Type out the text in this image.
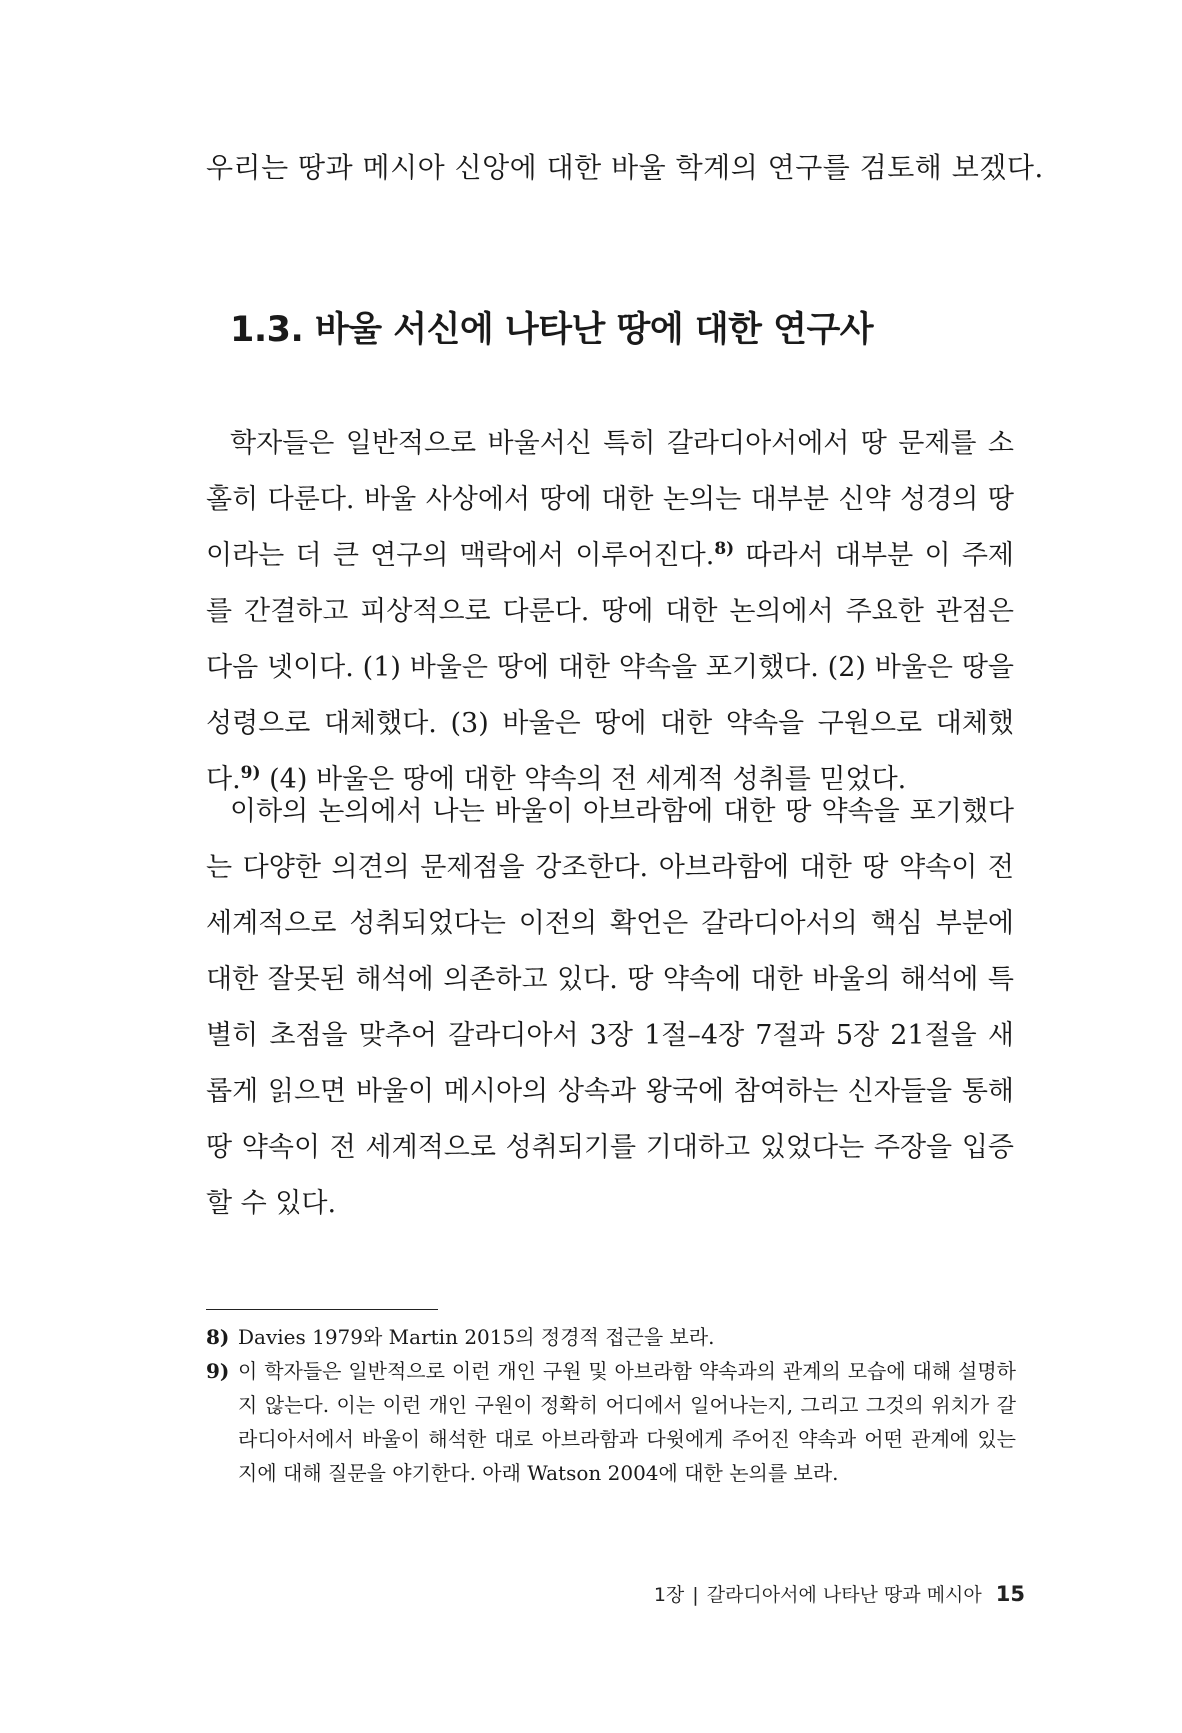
우리는 땅과 메시아 신앙에 대한 바울 학계의 연구를 검토해 보겠다.
1.3. 바울 서신에 나타난 땅에 대한 연구사

학자들은 일반적으로 바울서신 특히 갈라디아서에서 땅 문제를 소홀히 다룬다. 바울 사상에서 땅에 대한 논의는 대부분 신약 성경의 땅이라는 더 큰 연구의 맥락에서 이루어진다.$^{8)}$ 따라서 대부분 이 주제를 간결하고 피상적으로 다룬다. 땅에 대한 논의에서 주요한 관점은 다음 넷이다. (1) 바울은 땅에 대한 약속을 포기했다. (2) 바울은 땅을 성령으로 대체했다. (3) 바울은 땅에 대한 약속을 구원으로 대체했다.$^{9)}$ (4) 바울은 땅에 대한 약속의 전 세계적 성취를 믿었다.

이하의 논의에서 나는 바울이 아브라함에 대한 땅 약속을 포기했다는 다양한 의견의 문제점을 강조한다. 아브라함에 대한 땅 약속이 전 세계적으로 성취되었다는 이전의 확언은 갈라디아서의 핵심 부분에 대한 잘못된 해석에 의존하고 있다. 땅 약속에 대한 바울의 해석에 특별히 초점을 맞추어 갈라디아서 3장 1절–4장 7절과 5장 21절을 새롭게 읽으면 바울이 메시아의 상속과 왕국에 참여하는 신자들을 통해 땅 약속이 전 세계적으로 성취되기를 기대하고 있었다는 주장을 입증할 수 있다.

8) Davies 1979와 Martin 2015의 정경적 접근을 보라.
9) 이 학자들은 일반적으로 이런 개인 구원 및 아브라함 약속과의 관계의 모습에 대해 설명하지 않는다. 이는 이런 개인 구원이 정확히 어디에서 일어나는지, 그리고 그것의 위치가 갈라디아서에서 바울이 해석한 대로 아브라함과 다윗에게 주어진 약속과 어떤 관계에 있는지에 대해 질문을 야기한다. 아래 Watson 2004에 대한 논의를 보라.
1장 | 갈라디아서에 나타난 땅과 메시아 15
